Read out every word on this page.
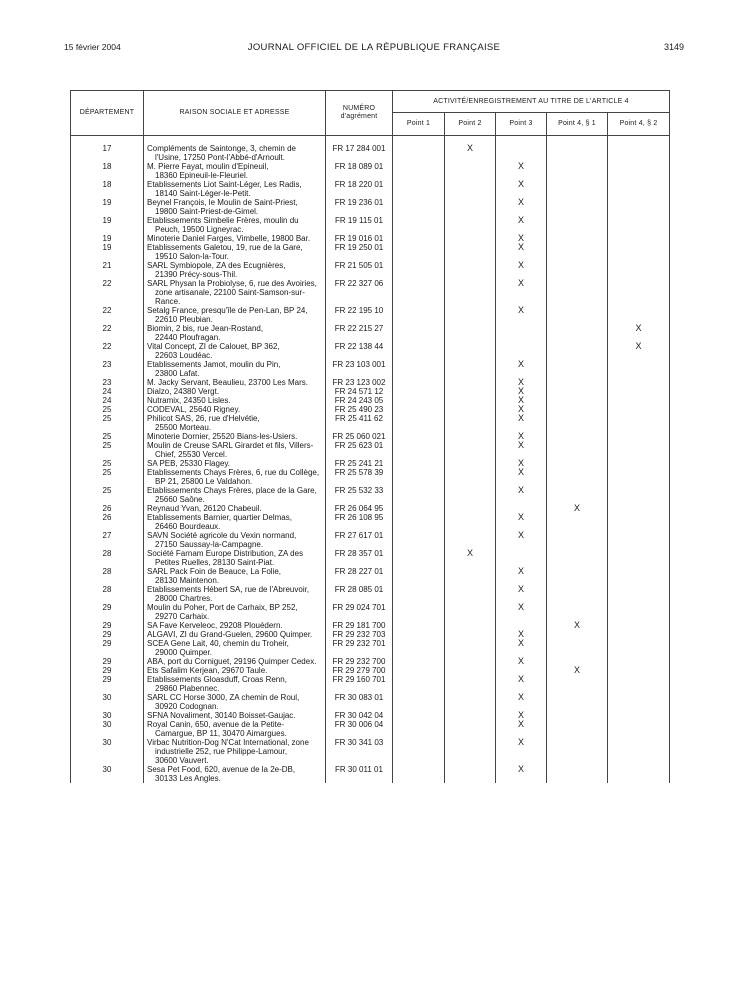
15 février 2004	JOURNAL OFFICIEL DE LA RÉPUBLIQUE FRANÇAISE	3149
DÉPARTEMENT	RAISON SOCIALE ET ADRESSE	NUMÉRO
d'agrément	ACTIVITÉ/ENREGISTREMENT AU TITRE DE L'ARTICLE 4				
			Point 1	Point 2	Point 3	Point 4, § 1	Point 4, § 2
17	Compléments de Saintonge, 3, chemin de
l'Usine, 17250 Pont-l'Abbé-d'Arnoult.	FR 17 284 001		X			
18	M. Pierre Fayat, moulin d'Epineuil,
18360 Epineuil-le-Fleuriel.	FR 18 089 01			X		
18	Etablissements Liot Saint-Léger, Les Radis,
18140 Saint-Léger-le-Petit.	FR 18 220 01			X		
19	Beynel François, le Moulin de Saint-Priest,
19800 Saint-Priest-de-Gimel.	FR 19 236 01			X		
19	Etablissements Simbelie Frères, moulin du
Peuch, 19500 Ligneyrac.	FR 19 115 01			X		
19	Minoterie Daniel Farges, Vimbelle, 19800 Bar.	FR 19 016 01			X		
19	Etablissements Galetou, 19, rue de la Gare,
19510 Salon-la-Tour.	FR 19 250 01			X		
21	SARL Symbiopole, ZA des Ecugnières,
21390 Précy-sous-Thil.	FR 21 505 01			X		
22	SARL Physan la Probiolyse, 6, rue des Avoiries,
zone artisanale, 22100 Saint-Samson-sur-
Rance.	FR 22 327 06			X		
22	Setalg France, presqu'île de Pen-Lan, BP 24,
22610 Pleubian.	FR 22 195 10			X		
22	Biomin, 2 bis, rue Jean-Rostand,
22440 Ploufragan.	FR 22 215 27					X
22	Vital Concept, ZI de Calouet, BP 362,
22603 Loudéac.	FR 22 138 44					X
23	Etablissements Jamot, moulin du Pin,
23800 Lafat.	FR 23 103 001			X		
23	M. Jacky Servant, Beaulieu, 23700 Les Mars.	FR 23 123 002			X		
24	Dialzo, 24380 Vergt.	FR 24 571 12			X		
24	Nutramix, 24350 Lisles.	FR 24 243 05			X		
25	CODEVAL, 25640 Rigney.	FR 25 490 23			X		
25	Philicot SAS, 26, rue d'Helvétie,
25500 Morteau.	FR 25 411 62			X		
25	Minoterie Dornier, 25520 Bians-les-Usiers.	FR 25 060 021			X		
25	Moulin de Creuse SARL Girardet et fils, Villers-
Chief, 25530 Vercel.	FR 25 623 01			X		
25	SA PEB, 25330 Flagey.	FR 25 241 21			X		
25	Etablissements Chays Frères, 6, rue du Collège,
BP 21, 25800 Le Valdahon.	FR 25 578 39			X		
25	Etablissements Chays Frères, place de la Gare,
25660 Saône.	FR 25 532 33			X		
26	Reynaud Yvan, 26120 Chabeuil.	FR 26 064 95				X	
26	Etablissements Barnier, quartier Delmas,
26460 Bourdeaux.	FR 26 108 95			X		
27	SAVN Société agricole du Vexin normand,
27150 Saussay-la-Campagne.	FR 27 617 01			X		
28	Société Farnam Europe Distribution, ZA des
Petites Ruelles, 28130 Saint-Piat.	FR 28 357 01		X			
28	SARL Pack Foin de Beauce, La Folie,
28130 Maintenon.	FR 28 227 01			X		
28	Etablissements Hébert SA, rue de l'Abreuvoir,
28000 Chartres.	FR 28 085 01			X		
29	Moulin du Poher, Port de Carhaix, BP 252,
29270 Carhaix.	FR 29 024 701			X		
29	SA Fave Kerveleoc, 29208 Plouédern.	FR 29 181 700				X	
29	ALGAVI, ZI du Grand-Guelen, 29600 Quimper.	FR 29 232 703			X		
29	SCEA Gene Lait, 40, chemin du Troheir,
29000 Quimper.	FR 29 232 701			X		
29	ABA, port du Corniguet, 29196 Quimper Cedex.	FR 29 232 700			X		
29	Ets Safalim Kerjean, 29670 Taule.	FR 29 279 700				X	
29	Etablissements Gloasduff, Croas Renn,
29860 Plabennec.	FR 29 160 701			X		
30	SARL CC Horse 3000, ZA chemin de Roul,
30920 Codognan.	FR 30 083 01			X		
30	SFNA Novaliment, 30140 Boisset-Gaujac.	FR 30 042 04			X		
30	Royal Canin, 650, avenue de la Petite-
Camargue, BP 11, 30470 Aimargues.	FR 30 006 04			X		
30	Virbac Nutrition-Dog N'Cat International, zone
industrielle 252, rue Philippe-Lamour,
30600 Vauvert.	FR 30 341 03			X		
30	Sesa Pet Food, 620, avenue de la 2e-DB,
30133 Les Angles.	FR 30 011 01			X		
